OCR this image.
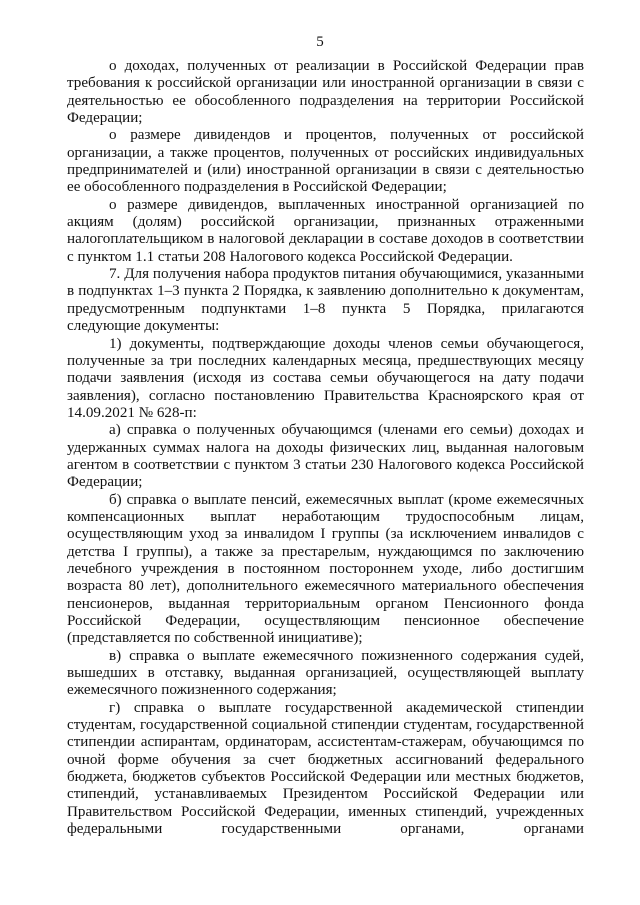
5

о доходах, полученных от реализации в Российской Федерации прав требования к российской организации или иностранной организации в связи с деятельностью ее обособленного подразделения на территории Российской Федерации;

о размере дивидендов и процентов, полученных от российской организации, а также процентов, полученных от российских индивидуальных предпринимателей и (или) иностранной организации в связи с деятельностью ее обособленного подразделения в Российской Федерации;

о размере дивидендов, выплаченных иностранной организацией по акциям (долям) российской организации, признанных отраженными налогоплательщиком в налоговой декларации в составе доходов в соответствии с пунктом 1.1 статьи 208 Налогового кодекса Российской Федерации.

7. Для получения набора продуктов питания обучающимися, указанными в подпунктах 1–3 пункта 2 Порядка, к заявлению дополнительно к документам, предусмотренным подпунктами 1–8 пункта 5 Порядка, прилагаются следующие документы:

1) документы, подтверждающие доходы членов семьи обучающегося, полученные за три последних календарных месяца, предшествующих месяцу подачи заявления (исходя из состава семьи обучающегося на дату подачи заявления), согласно постановлению Правительства Красноярского края от 14.09.2021 № 628-п:

а) справка о полученных обучающимся (членами его семьи) доходах и удержанных суммах налога на доходы физических лиц, выданная налоговым агентом в соответствии с пунктом 3 статьи 230 Налогового кодекса Российской Федерации;

б) справка о выплате пенсий, ежемесячных выплат (кроме ежемесячных компенсационных выплат неработающим трудоспособным лицам, осуществляющим уход за инвалидом I группы (за исключением инвалидов с детства I группы), а также за престарелым, нуждающимся по заключению лечебного учреждения в постоянном постороннем уходе, либо достигшим возраста 80 лет), дополнительного ежемесячного материального обеспечения пенсионеров, выданная территориальным органом Пенсионного фонда Российской Федерации, осуществляющим пенсионное обеспечение (представляется по собственной инициативе);

в) справка о выплате ежемесячного пожизненного содержания судей, вышедших в отставку, выданная организацией, осуществляющей выплату ежемесячного пожизненного содержания;

г) справка о выплате государственной академической стипендии студентам, государственной социальной стипендии студентам, государственной стипендии аспирантам, ординаторам, ассистентам-стажерам, обучающимся по очной форме обучения за счет бюджетных ассигнований федерального бюджета, бюджетов субъектов Российской Федерации или местных бюджетов, стипендий, устанавливаемых Президентом Российской Федерации или Правительством Российской Федерации, именных стипендий, учрежденных федеральными государственными органами, органами
